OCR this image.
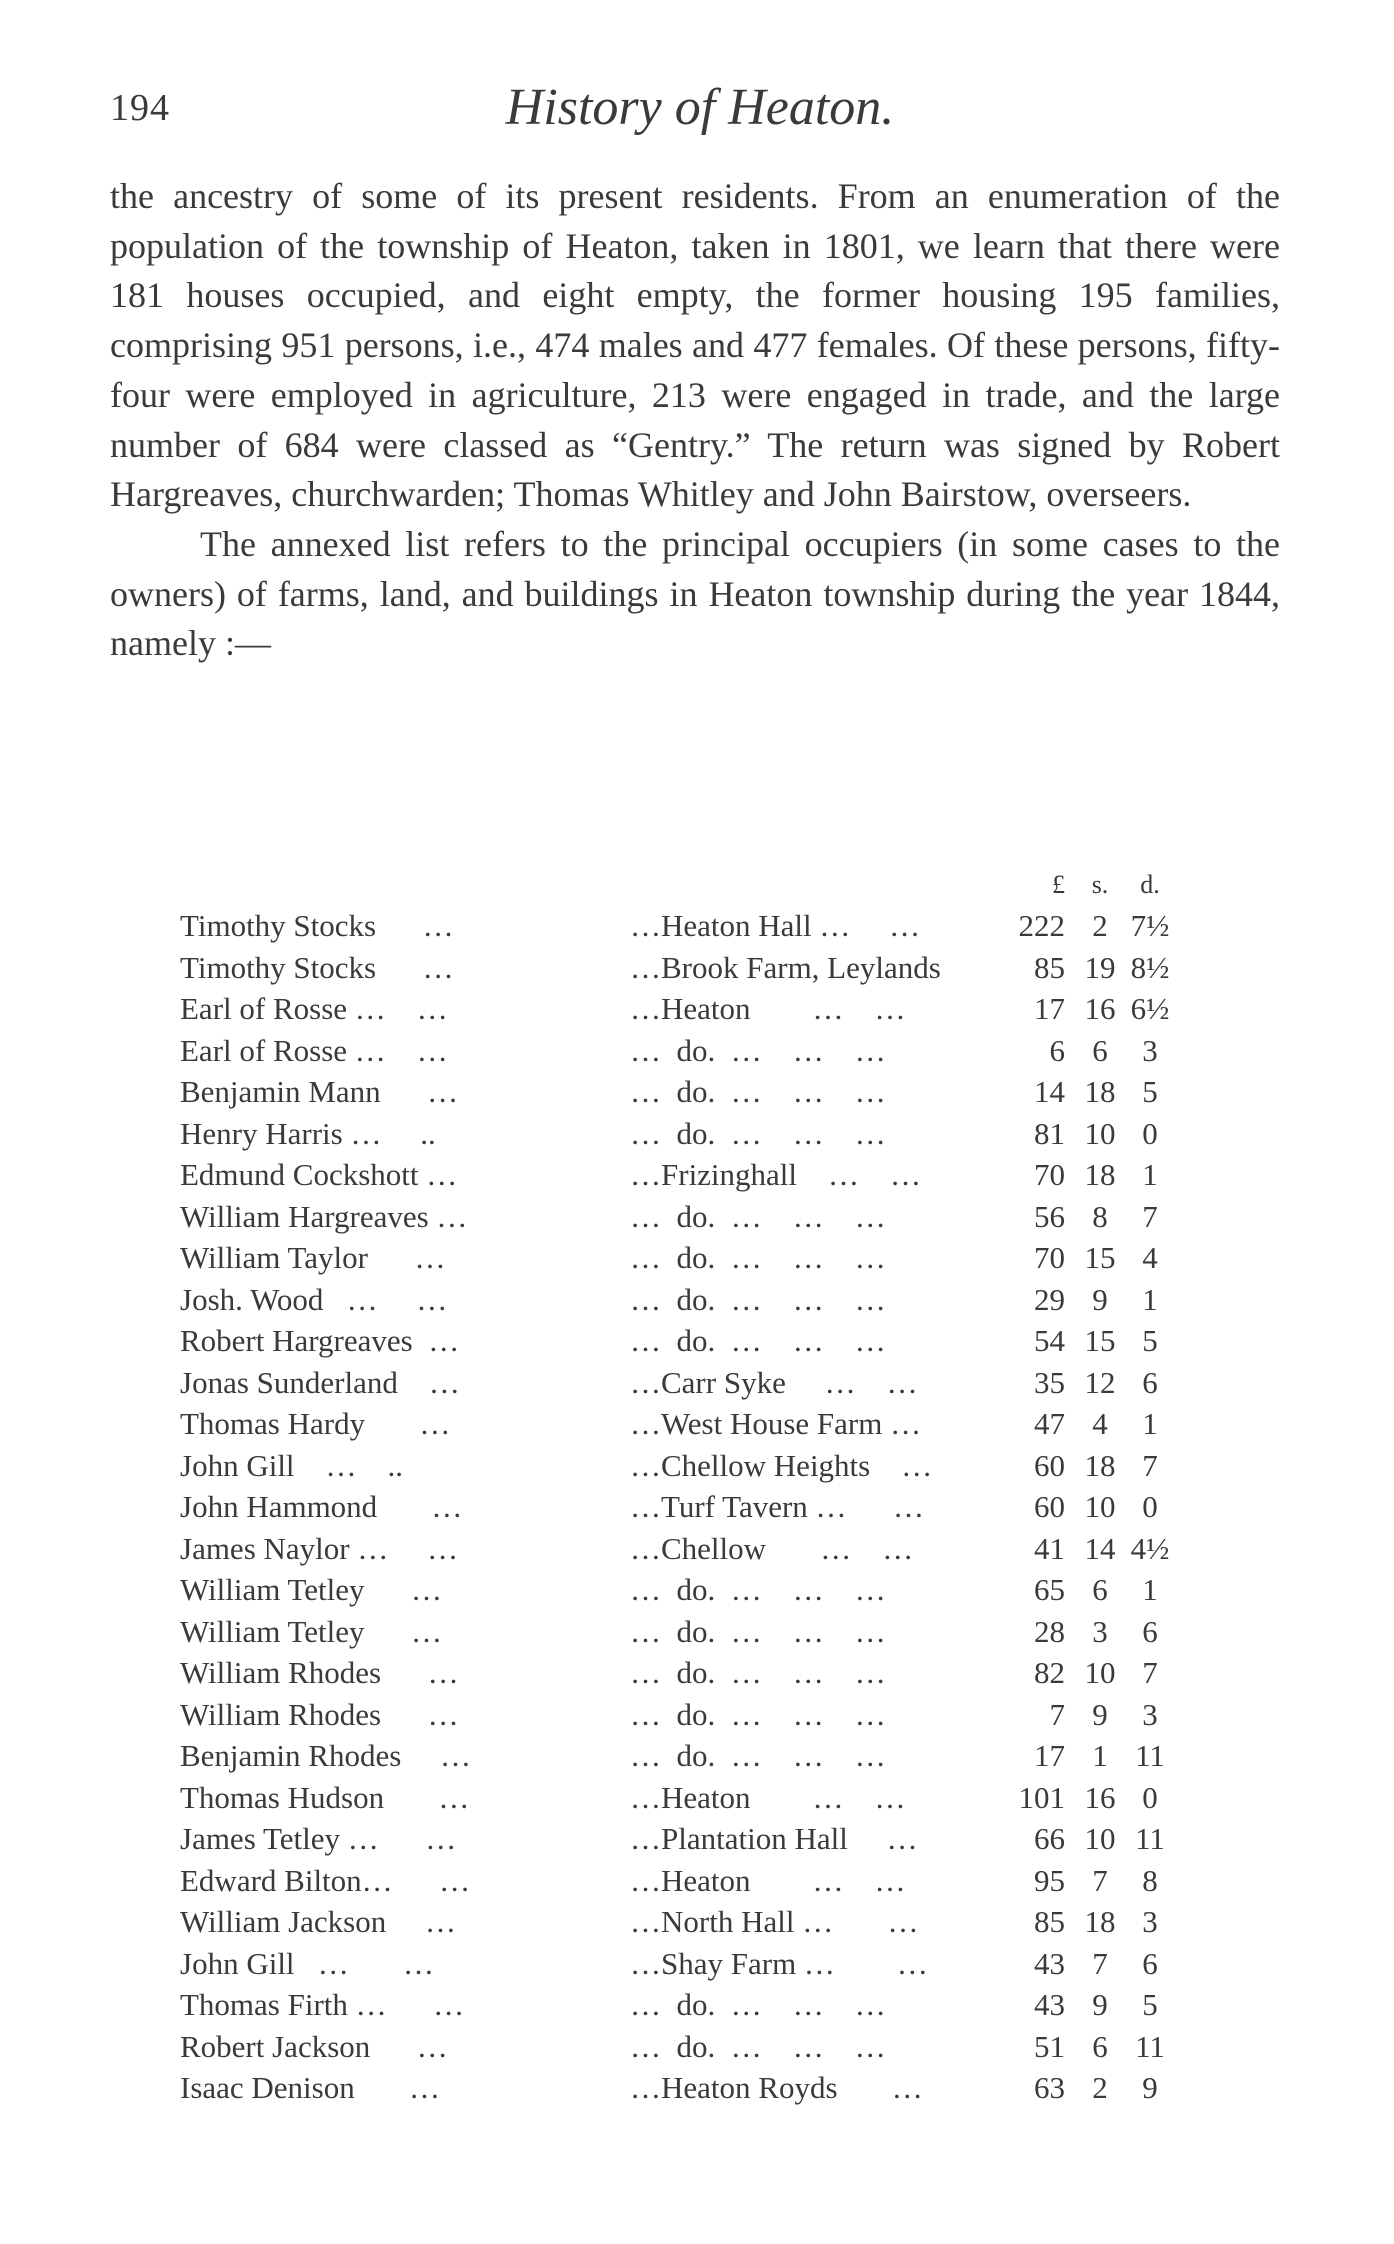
194	History of Heaton.

the ancestry of some of its present residents. From an enumeration of the population of the township of Heaton, taken in 1801, we learn that there were 181 houses occupied, and eight empty, the former housing 195 families, comprising 951 persons, i.e., 474 males and 477 females. Of these persons, fifty-four were employed in agriculture, 213 were engaged in trade, and the large number of 684 were classed as “Gentry.” The return was signed by Robert Hargreaves, churchwarden; Thomas Whitley and John Bairstow, overseers.

The annexed list refers to the principal occupiers (in some cases to the owners) of farms, land, and buildings in Heaton township during the year 1844, namely :—

£	s.	d.
Timothy Stocks      …	…Heaton Hall …     …	222 2 7½
Timothy Stocks      …	…Brook Farm, Leylands	85 19 8½
Earl of Rosse …    …	…Heaton        …    …	17 16 6½
Earl of Rosse …    …	…  do.  …    …    …	6 6	3
Benjamin Mann      …	…  do.  …    …    …	14 18 5
Henry Harris …     ..	…  do.  …    …    …	81 10 0
Edmund Cockshott …	…Frizinghall    …    …	70 18 1
William Hargreaves …	…  do.  …    …    …	56 8	7
William Taylor      …	…  do.  …    …    …	70 15 4
Josh. Wood   …     …	…  do.  …    …    …	29 9	1
Robert Hargreaves  …	…  do.  …    …    …	54 15 5
Jonas Sunderland    …	…Carr Syke     …    …	35 12 6
Thomas Hardy       …	…West House Farm …	47 4	1
John Gill    …    ..	…Chellow Heights    …	60 18 7
John Hammond       …	…Turf Tavern …      …	60 10 0
James Naylor …     …	…Chellow       …    …	41 14 4½
William Tetley      …	…  do.  …    …    …	65 6	1
William Tetley      …	…  do.  …    …    …	28 3	6
William Rhodes      …	…  do.  …    …    …	82 10 7
William Rhodes      …	…  do.  …    …    …	7 9	3
Benjamin Rhodes     …	…  do.  …    …    …	17 1 11
Thomas Hudson       …	…Heaton        …    …	101 16 0
James Tetley …      …	…Plantation Hall     …	66 10 11
Edward Bilton…      …	…Heaton        …    …	95 7	8
William Jackson     …	…North Hall …       …	85 18 3
John Gill   …       …	…Shay Farm …        …	43 7	6
Thomas Firth …      …	…  do.  …    …    …	43 9	5
Robert Jackson      …	…  do.  …    …    …	51 6 11
Isaac Denison       …	…Heaton Royds       …	63 2	9
